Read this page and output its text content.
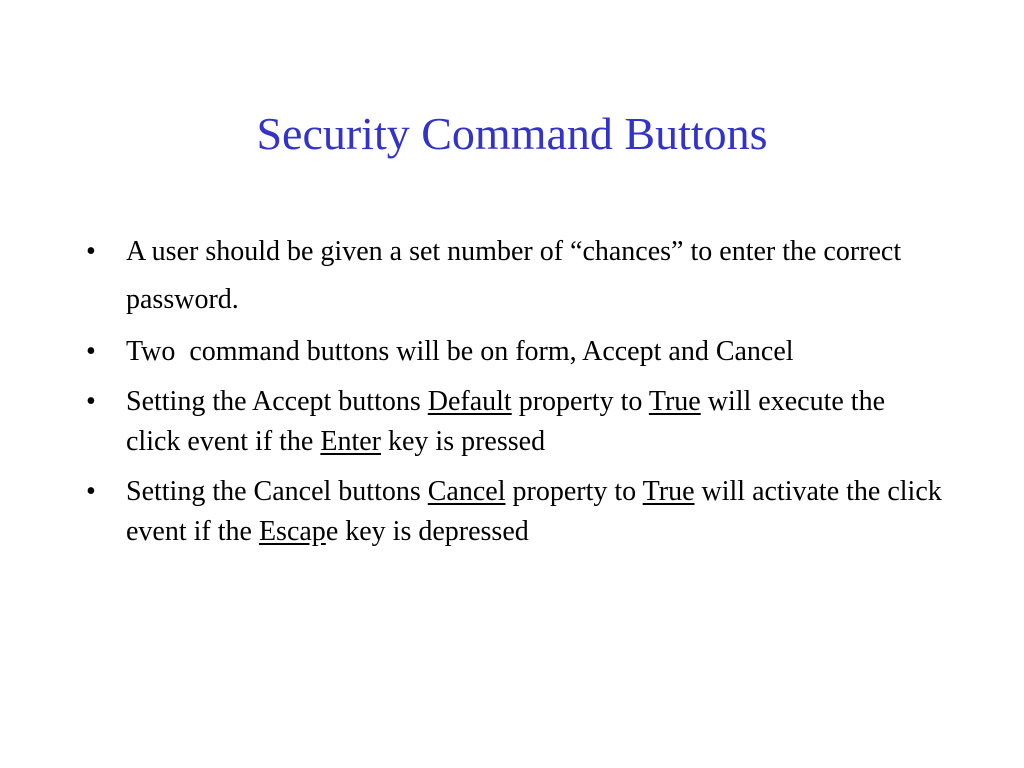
Security Command Buttons
• A user should be given a set number of “chances” to enter the correct password.
• Two  command buttons will be on form, Accept and Cancel
• Setting the Accept buttons Default property to True will execute the click event if the Enter key is pressed
• Setting the Cancel buttons Cancel property to True will activate the click event if the Escape key is depressed
